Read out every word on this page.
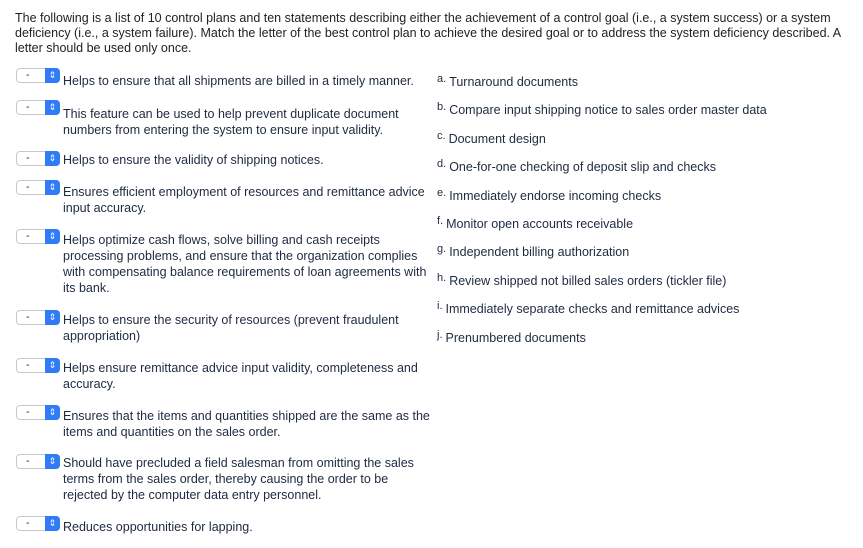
The following is a list of 10 control plans and ten statements describing either the achievement of a control goal (i.e., a system success) or a system deficiency (i.e., a system failure). Match the letter of the best control plan to achieve the desired goal or to address the system deficiency described. A letter should be used only once.
-	⇕ Helps to ensure that all shipments are billed in a timely manner.
-	⇕ This feature can be used to help prevent duplicate document numbers from entering the system to ensure input validity.
-	⇕ Helps to ensure the validity of shipping notices.
-	⇕ Ensures efficient employment of resources and remittance advice input accuracy.
-	⇕ Helps optimize cash flows, solve billing and cash receipts processing problems, and ensure that the organization complies with compensating balance requirements of loan agreements with its bank.
-	⇕ Helps to ensure the security of resources (prevent fraudulent appropriation)
-	⇕ Helps ensure remittance advice input validity, completeness and accuracy.
-	⇕ Ensures that the items and quantities shipped are the same as the items and quantities on the sales order.
-	⇕ Should have precluded a field salesman from omitting the sales terms from the sales order, thereby causing the order to be rejected by the computer data entry personnel.
-	⇕ Reduces opportunities for lapping.
a. Turnaround documents
b. Compare input shipping notice to sales order master data
c. Document design
d. One-for-one checking of deposit slip and checks
e. Immediately endorse incoming checks
f. Monitor open accounts receivable
g. Independent billing authorization
h. Review shipped not billed sales orders (tickler file)
i. Immediately separate checks and remittance advices
j. Prenumbered documents
